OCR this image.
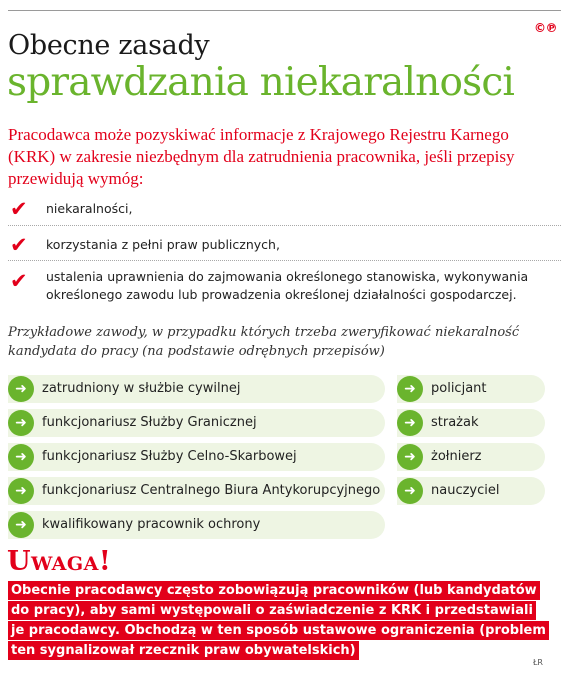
©℗
Obecne zasady
sprawdzania niekaralności
Pracodawca może pozyskiwać informacje z Krajowego Rejestru Karnego (KRK) w zakresie niezbędnym dla zatrudnienia pracownika, jeśli przepisy przewidują wymóg:
✔ niekaralności,
✔ korzystania z pełni praw publicznych,
✔ ustalenia uprawnienia do zajmowania określonego stanowiska, wykonywania określonego zawodu lub prowadzenia określonej działalności gospodarczej.
Przykładowe zawody, w przypadku których trzeba zweryfikować niekaralność kandydata do pracy (na podstawie odrębnych przepisów)
➜	zatrudniony w służbie cywilnej
➜	funkcjonariusz Służby Granicznej
➜	funkcjonariusz Służby Celno-Skarbowej
➜	funkcjonariusz Centralnego Biura Antykorupcyjnego
➜	kwalifikowany pracownik ochrony
➜	policjant
➜	strażak
➜	żołnierz
➜	nauczyciel
Uwaga!
Obecnie pracodawcy często zobowiązują pracowników (lub kandydatów
do pracy), aby sami występowali o zaświadczenie z KRK i przedstawiali
je pracodawcy. Obchodzą w ten sposób ustawowe ograniczenia (problem
ten sygnalizował rzecznik praw obywatelskich)
ŁR
